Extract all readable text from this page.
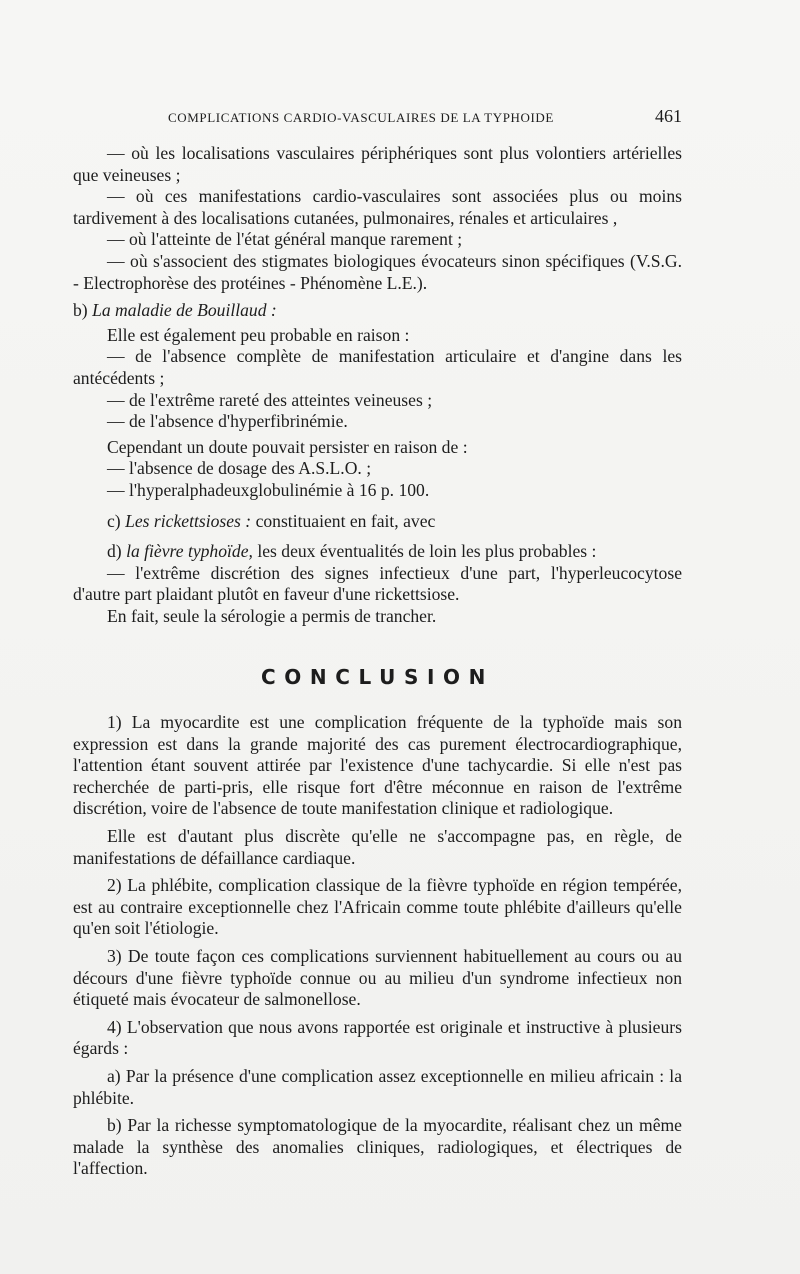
COMPLICATIONS CARDIO-VASCULAIRES DE LA TYPHOIDE	461

— où les localisations vasculaires périphériques sont plus volontiers artérielles que veineuses ;

— où ces manifestations cardio-vasculaires sont associées plus ou moins tardivement à des localisations cutanées, pulmonaires, rénales et articulaires ,

— où l'atteinte de l'état général manque rarement ;

— où s'associent des stigmates biologiques évocateurs sinon spécifiques (V.S.G. - Electrophorèse des protéines - Phénomène L.E.).

b) La maladie de Bouillaud :

Elle est également peu probable en raison :

— de l'absence complète de manifestation articulaire et d'angine dans les antécédents ;

— de l'extrême rareté des atteintes veineuses ;

— de l'absence d'hyperfibrinémie.

Cependant un doute pouvait persister en raison de :

— l'absence de dosage des A.S.L.O. ;

— l'hyperalphadeuxglobulinémie à 16 p. 100.

c) Les rickettsioses : constituaient en fait, avec

d) la fièvre typhoïde, les deux éventualités de loin les plus probables :

— l'extrême discrétion des signes infectieux d'une part, l'hyperleucocytose d'autre part plaidant plutôt en faveur d'une rickettsiose.

En fait, seule la sérologie a permis de trancher.

CONCLUSION

1) La myocardite est une complication fréquente de la typhoïde mais son expression est dans la grande majorité des cas purement électrocardiographique, l'attention étant souvent attirée par l'existence d'une tachycardie. Si elle n'est pas recherchée de parti-pris, elle risque fort d'être méconnue en raison de l'extrême discrétion, voire de l'absence de toute manifestation clinique et radiologique.

Elle est d'autant plus discrète qu'elle ne s'accompagne pas, en règle, de manifestations de défaillance cardiaque.

2) La phlébite, complication classique de la fièvre typhoïde en région tempérée, est au contraire exceptionnelle chez l'Africain comme toute phlébite d'ailleurs qu'elle qu'en soit l'étiologie.

3) De toute façon ces complications surviennent habituellement au cours ou au décours d'une fièvre typhoïde connue ou au milieu d'un syndrome infectieux non étiqueté mais évocateur de salmonellose.

4) L'observation que nous avons rapportée est originale et instructive à plusieurs égards :

a) Par la présence d'une complication assez exceptionnelle en milieu africain : la phlébite.

b) Par la richesse symptomatologique de la myocardite, réalisant chez un même malade la synthèse des anomalies cliniques, radiologiques, et électriques de l'affection.
